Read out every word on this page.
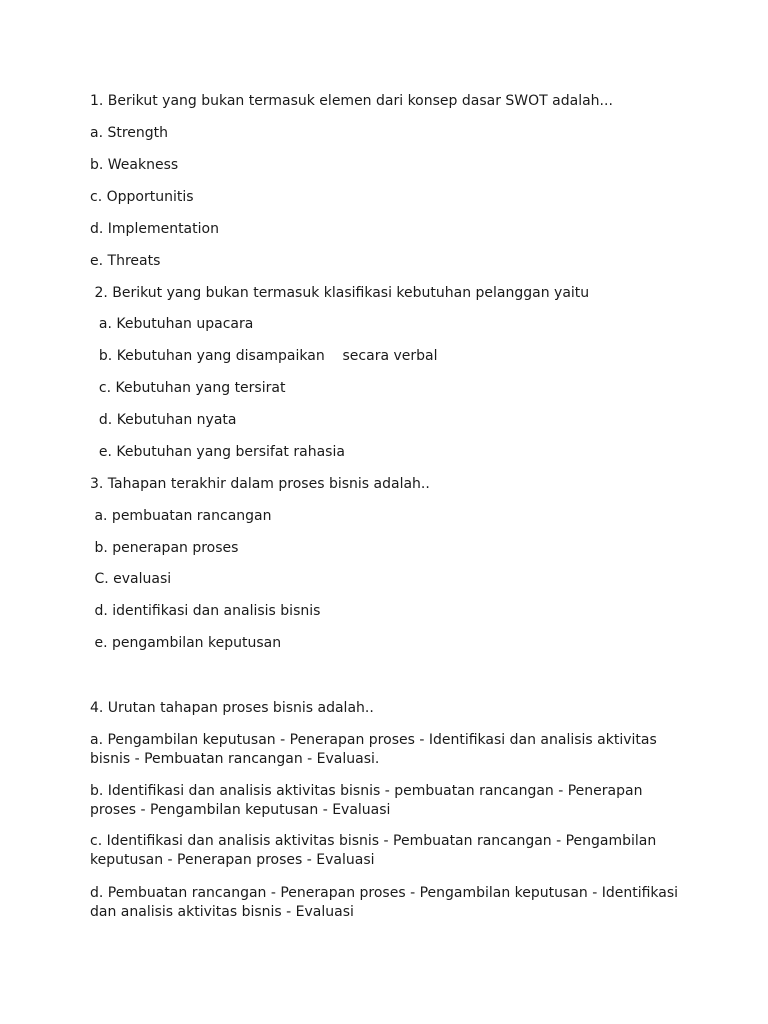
1. Berikut yang bukan termasuk elemen dari konsep dasar SWOT adalah...

a. Strength

b. Weakness

c. Opportunitis

d. Implementation

e. Threats

2. Berikut yang bukan termasuk klasifikasi kebutuhan pelanggan yaitu

a. Kebutuhan upacara

b. Kebutuhan yang disampaikan    secara verbal

c. Kebutuhan yang tersirat

d. Kebutuhan nyata

e. Kebutuhan yang bersifat rahasia

3. Tahapan terakhir dalam proses bisnis adalah..

a. pembuatan rancangan

b. penerapan proses

C. evaluasi

d. identifikasi dan analisis bisnis

e. pengambilan keputusan

4. Urutan tahapan proses bisnis adalah..

a. Pengambilan keputusan - Penerapan proses - Identifikasi dan analisis aktivitas bisnis - Pembuatan rancangan - Evaluasi.

b. Identifikasi dan analisis aktivitas bisnis - pembuatan rancangan - Penerapan proses - Pengambilan keputusan - Evaluasi

c. Identifikasi dan analisis aktivitas bisnis - Pembuatan rancangan - Pengambilan keputusan - Penerapan proses - Evaluasi

d. Pembuatan rancangan - Penerapan proses - Pengambilan keputusan - Identifikasi dan analisis aktivitas bisnis - Evaluasi
